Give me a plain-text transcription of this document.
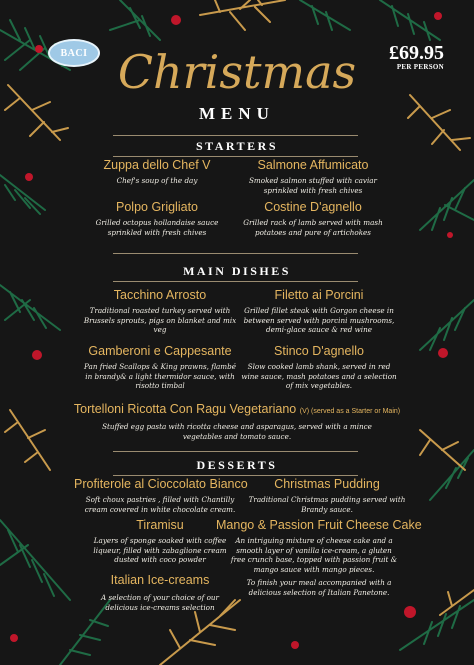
BACI	£69.95
PER PERSON
Christmas
MENU
STARTERS
Zuppa dello Chef V
Chef's soup of the day
Salmone Affumicato
Smoked salmon stuffed with caviar sprinkled with fresh chives
Polpo Grigliato
Grilled octopus hollandaise sauce sprinkled with fresh chives
Costine D'agnello
Grilled rack of lamb served with mash potatoes and pure of artichokes
MAIN DISHES
Tacchino Arrosto
Traditional roasted turkey served with Brussels sprouts, pigs on blanket and mix veg
Filetto ai Porcini
Grilled fillet steak with Gorgon cheese in between served with porcini mushrooms, demi-glace sauce & red wine
Gamberoni e Cappesante
Pan fried Scallops & King prawns, flambé in brandy& a light thermidor sauce, with risotto timbal
Stinco D'agnello
Slow cooked lamb shank, served in red wine sauce, mash potatoes and a selection of mix vegetables.
Tortelloni Ricotta Con Ragu Vegetariano (V) (served as a Starter or Main)
Stuffed egg pasta with ricotta cheese and asparagus, served with a mince vegetables and tomato sauce.
DESSERTS
Profiterole al Cioccolato Bianco
Soft choux pastries , filled with Chantilly cream covered in white chocolate cream.
Christmas Pudding
Traditional Christmas pudding served with Brandy sauce.
Tiramisu
Layers of sponge soaked with coffee liqueur, filled with zabaglione cream dusted with coco powder
Mango & Passion Fruit Cheese Cake
An intriguing mixture of cheese cake and a smooth layer of vanilla ice-cream, a gluten free crunch base, topped with passion fruit & mango sauce with mango pieces.
Italian Ice-creams
A selection of your choice of our delicious ice-creams selection
To finish your meal accompanied with a delicious selection of Italian Panetone.
